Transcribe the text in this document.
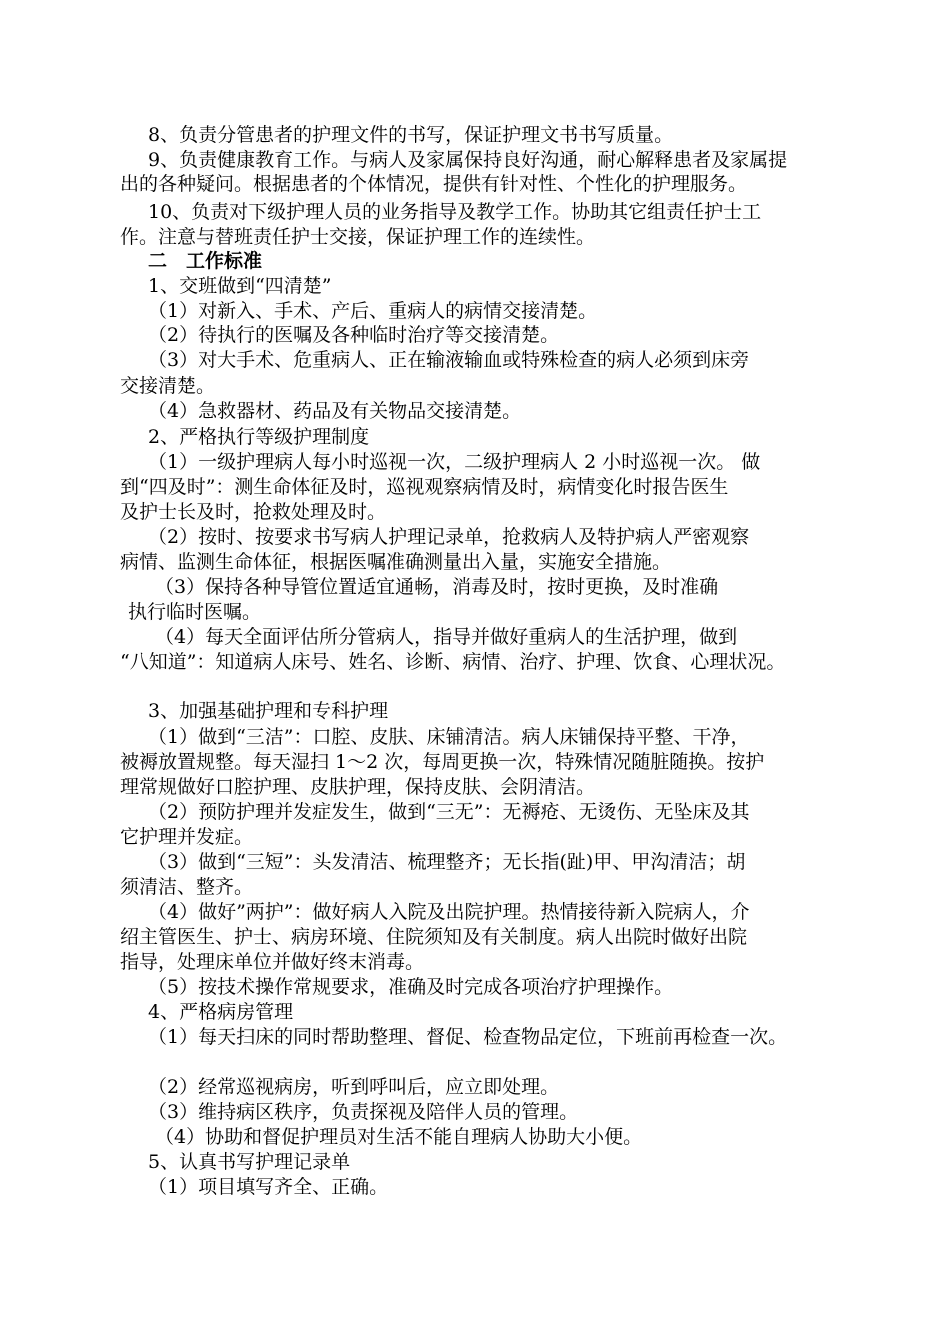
8、负责分管患者的护理文件的书写，保证护理文书书写质量。
9、负责健康教育工作。与病人及家属保持良好沟通，耐心解释患者及家属提
出的各种疑问。根据患者的个体情况，提供有针对性、个性化的护理服务。
10、负责对下级护理人员的业务指导及教学工作。协助其它组责任护士工
作。注意与替班责任护士交接，保证护理工作的连续性。
二　工作标准
1、交班做到“四清楚”
（1）对新入、手术、产后、重病人的病情交接清楚。
（2）待执行的医嘱及各种临时治疗等交接清楚。
（3）对大手术、危重病人、正在输液输血或特殊检查的病人必须到床旁
交接清楚。
（4）急救器材、药品及有关物品交接清楚。
2、严格执行等级护理制度
（1）一级护理病人每小时巡视一次，二级护理病人 2 小时巡视一次。 做
到“四及时”：测生命体征及时，巡视观察病情及时，病情变化时报告医生
及护士长及时，抢救处理及时。
（2）按时、按要求书写病人护理记录单，抢救病人及特护病人严密观察
病情、监测生命体征，根据医嘱准确测量出入量，实施安全措施。
（3）保持各种导管位置适宜通畅，消毒及时，按时更换，及时准确
执行临时医嘱。
（4）每天全面评估所分管病人，指导并做好重病人的生活护理，做到
“八知道”：知道病人床号、姓名、诊断、病情、治疗、护理、饮食、心理状况。
3、加强基础护理和专科护理
（1）做到“三洁”：口腔、皮肤、床铺清洁。病人床铺保持平整、干净，
被褥放置规整。每天湿扫 1～2 次，每周更换一次，特殊情况随脏随换。按护
理常规做好口腔护理、皮肤护理，保持皮肤、会阴清洁。
（2）预防护理并发症发生，做到“三无”：无褥疮、无烫伤、无坠床及其
它护理并发症。
（3）做到“三短”：头发清洁、梳理整齐；无长指(趾)甲、甲沟清洁；胡
须清洁、整齐。
（4）做好”两护”：做好病人入院及出院护理。热情接待新入院病人，介
绍主管医生、护士、病房环境、住院须知及有关制度。病人出院时做好出院
指导，处理床单位并做好终末消毒。
（5）按技术操作常规要求，准确及时完成各项治疗护理操作。
4、严格病房管理
（1）每天扫床的同时帮助整理、督促、检查物品定位，下班前再检查一次。
（2）经常巡视病房，听到呼叫后，应立即处理。
（3）维持病区秩序，负责探视及陪伴人员的管理。
（4）协助和督促护理员对生活不能自理病人协助大小便。
5、认真书写护理记录单
（1）项目填写齐全、正确。
